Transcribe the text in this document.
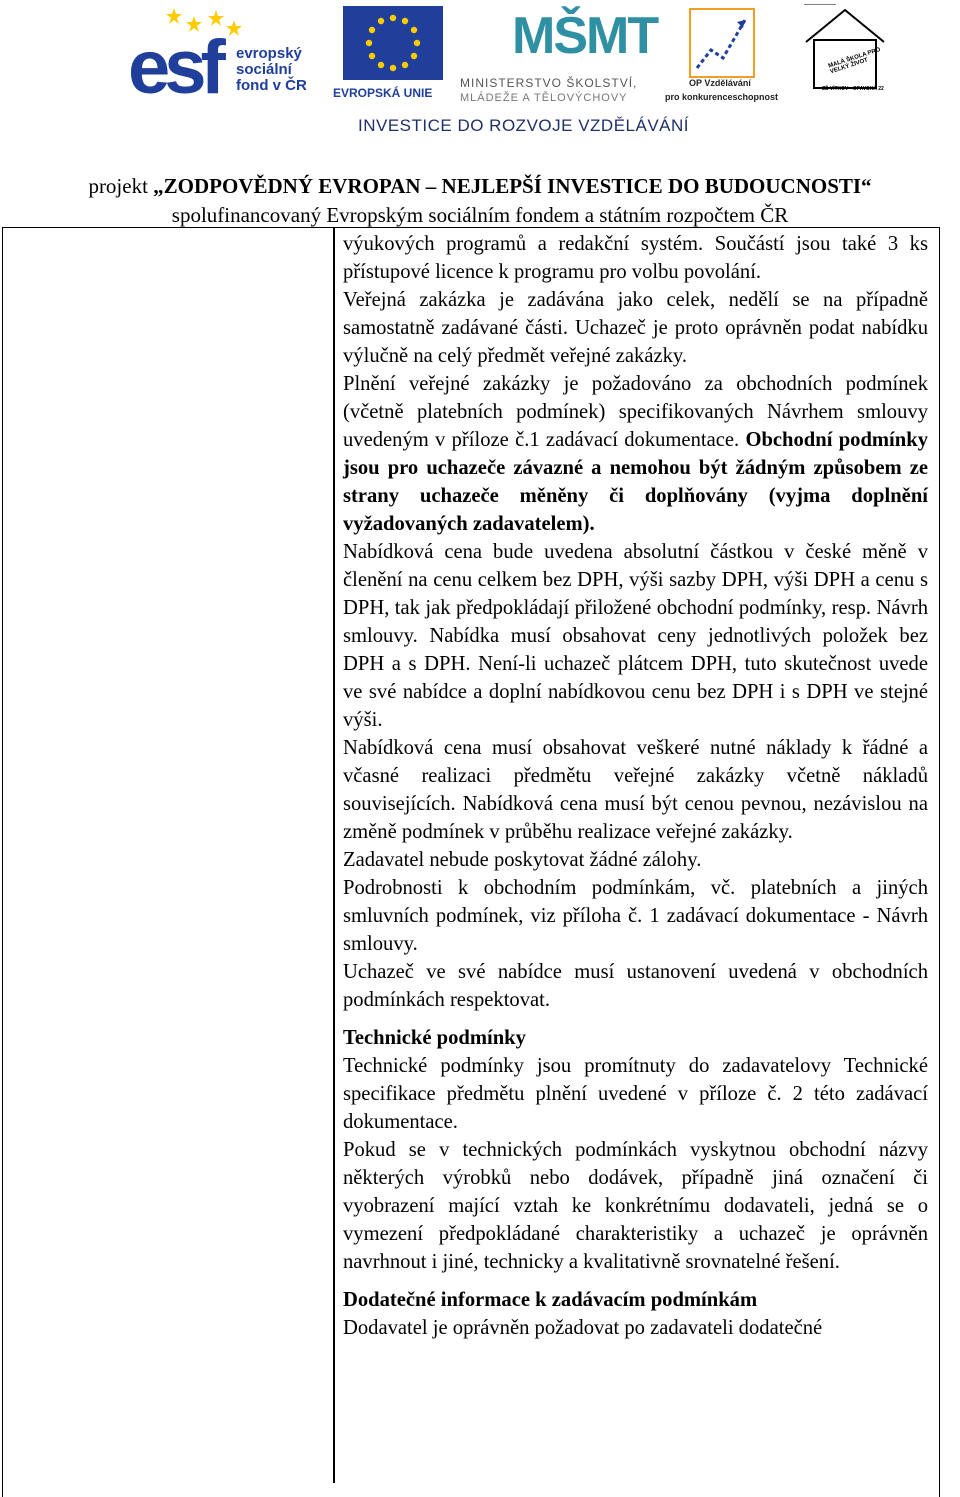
esf evropský
sociální
fond v ČR EVROPSKÁ UNIE
MŠMT
MINISTERSTVO ŠKOLSTVÍ,
MLÁDEŽE A TĚLOVÝCHOVY
OP Vzdělávání
pro konkurenceschopnost
MALÁ ŠKOLA PRO VELKÝ ŽIVOT
ZŠ VÍTKOV - OPAVSKÁ 22
INVESTICE DO ROZVOJE VZDĚLÁVÁNÍ
projekt „ZODPOVĚDNÝ EVROPAN – NEJLEPŠÍ INVESTICE DO BUDOUCNOSTI“
spolufinancovaný Evropským sociálním fondem a státním rozpočtem ČR

výukových programů a redakční systém. Součástí jsou také 3 ks přístupové licence k programu pro volbu povolání.

Veřejná zakázka je zadávána jako celek, nedělí se na případně samostatně zadávané části. Uchazeč je proto oprávněn podat nabídku výlučně na celý předmět veřejné zakázky.

Plnění veřejné zakázky je požadováno za obchodních podmínek (včetně platebních podmínek) specifikovaných Návrhem smlouvy uvedeným v příloze č.1 zadávací dokumentace. Obchodní podmínky jsou pro uchazeče závazné a nemohou být žádným způsobem ze strany uchazeče měněny či doplňovány (vyjma doplnění vyžadovaných zadavatelem).

Nabídková cena bude uvedena absolutní částkou v české měně v členění na cenu celkem bez DPH, výši sazby DPH, výši DPH a cenu s DPH, tak jak předpokládají přiložené obchodní podmínky, resp. Návrh smlouvy. Nabídka musí obsahovat ceny jednotlivých položek bez DPH a s DPH. Není-li uchazeč plátcem DPH, tuto skutečnost uvede ve své nabídce a doplní nabídkovou cenu bez DPH i s DPH ve stejné výši.

Nabídková cena musí obsahovat veškeré nutné náklady k řádné a včasné realizaci předmětu veřejné zakázky včetně nákladů souvisejících. Nabídková cena musí být cenou pevnou, nezávislou na změně podmínek v průběhu realizace veřejné zakázky.

Zadavatel nebude poskytovat žádné zálohy.

Podrobnosti k obchodním podmínkám, vč. platebních a jiných smluvních podmínek, viz příloha č. 1 zadávací dokumentace - Návrh smlouvy.

Uchazeč ve své nabídce musí ustanovení uvedená v obchodních podmínkách respektovat.

Technické podmínky

Technické podmínky jsou promítnuty do zadavatelovy Technické specifikace předmětu plnění uvedené v příloze č. 2 této zadávací dokumentace.

Pokud se v technických podmínkách vyskytnou obchodní názvy některých výrobků nebo dodávek, případně jiná označení či vyobrazení mající vztah ke konkrétnímu dodavateli, jedná se o vymezení předpokládané charakteristiky a uchazeč je oprávněn navrhnout i jiné, technicky a kvalitativně srovnatelné řešení.

Dodatečné informace k zadávacím podmínkám

Dodavatel je oprávněn požadovat po zadavateli dodatečné
